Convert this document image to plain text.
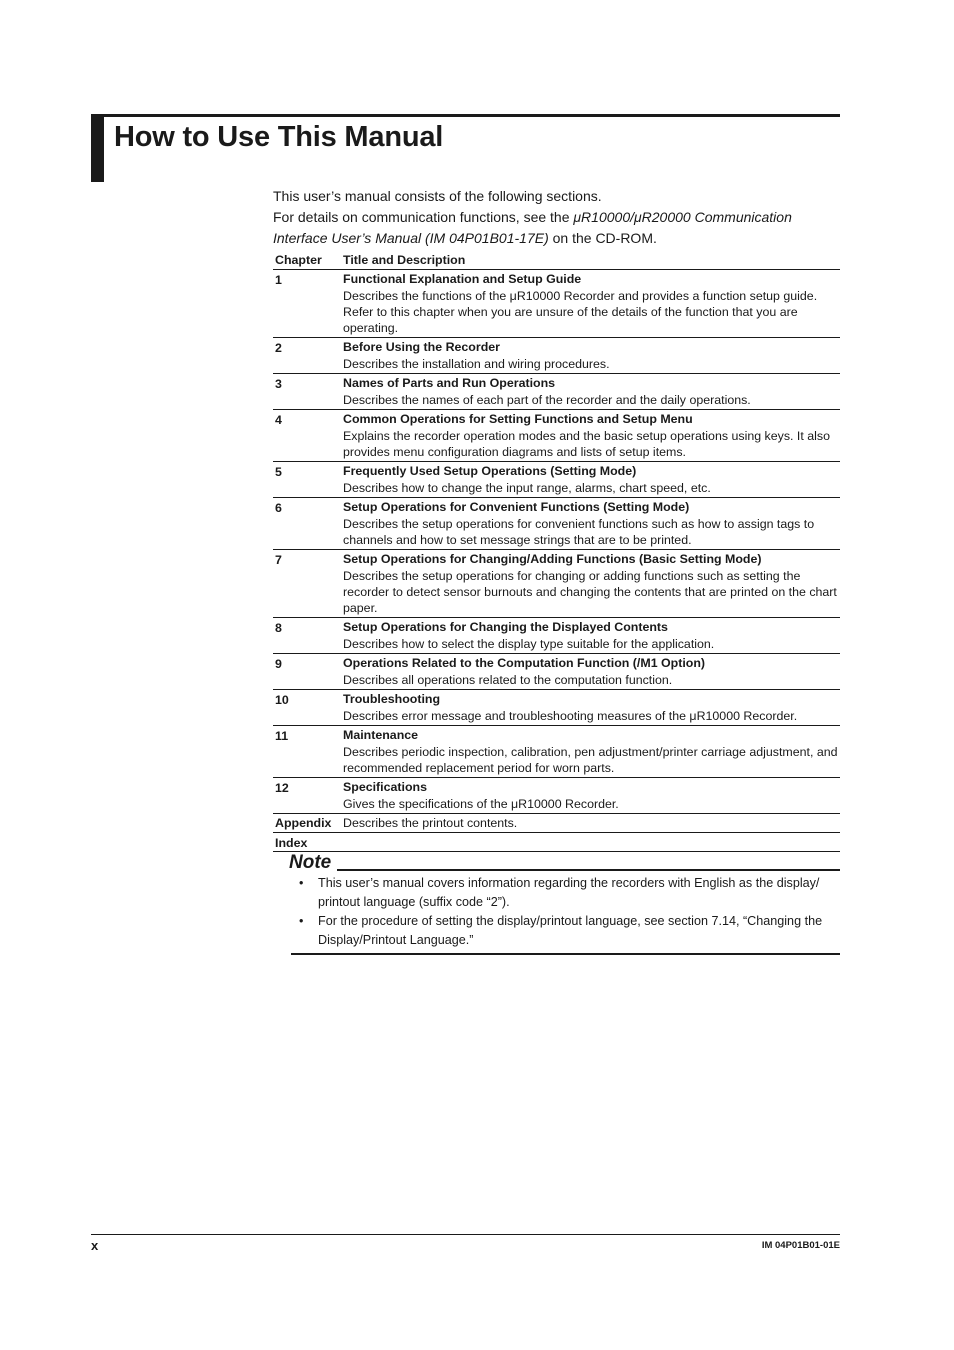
How to Use This Manual

This user’s manual consists of the following sections.

For details on communication functions, see the μR10000/μR20000 Communication Interface User’s Manual (IM 04P01B01-17E) on the CD-ROM.

Chapter	Title and Description
1	Functional Explanation and Setup Guide
Describes the functions of the μR10000 Recorder and provides a function setup guide. Refer to this chapter when you are unsure of the details of the function that you are operating.

2	Before Using the Recorder
Describes the installation and wiring procedures.

3	Names of Parts and Run Operations
Describes the names of each part of the recorder and the daily operations.

4	Common Operations for Setting Functions and Setup Menu
Explains the recorder operation modes and the basic setup operations using keys. It also provides menu configuration diagrams and lists of setup items.

5	Frequently Used Setup Operations (Setting Mode)
Describes how to change the input range, alarms, chart speed, etc.

6	Setup Operations for Convenient Functions (Setting Mode)
Describes the setup operations for convenient functions such as how to assign tags to channels and how to set message strings that are to be printed.

7	Setup Operations for Changing/Adding Functions (Basic Setting Mode)
Describes the setup operations for changing or adding functions such as setting the recorder to detect sensor burnouts and changing the contents that are printed on the chart paper.

8	Setup Operations for Changing the Displayed Contents
Describes how to select the display type suitable for the application.

9	Operations Related to the Computation Function (/M1 Option)
Describes all operations related to the computation function.

10	Troubleshooting
Describes error message and troubleshooting measures of the μR10000 Recorder.

11	Maintenance
Describes periodic inspection, calibration, pen adjustment/printer carriage adjustment, and recommended replacement period for worn parts.

12	Specifications
Gives the specifications of the μR10000 Recorder.

Appendix	Describes the printout contents.
Index	
Note
• This user’s manual covers information regarding the recorders with English as the display/ printout language (suffix code “2”).
• For the procedure of setting the display/printout language, see section 7.14, “Changing the Display/Printout Language.”
x	IM 04P01B01-01E
